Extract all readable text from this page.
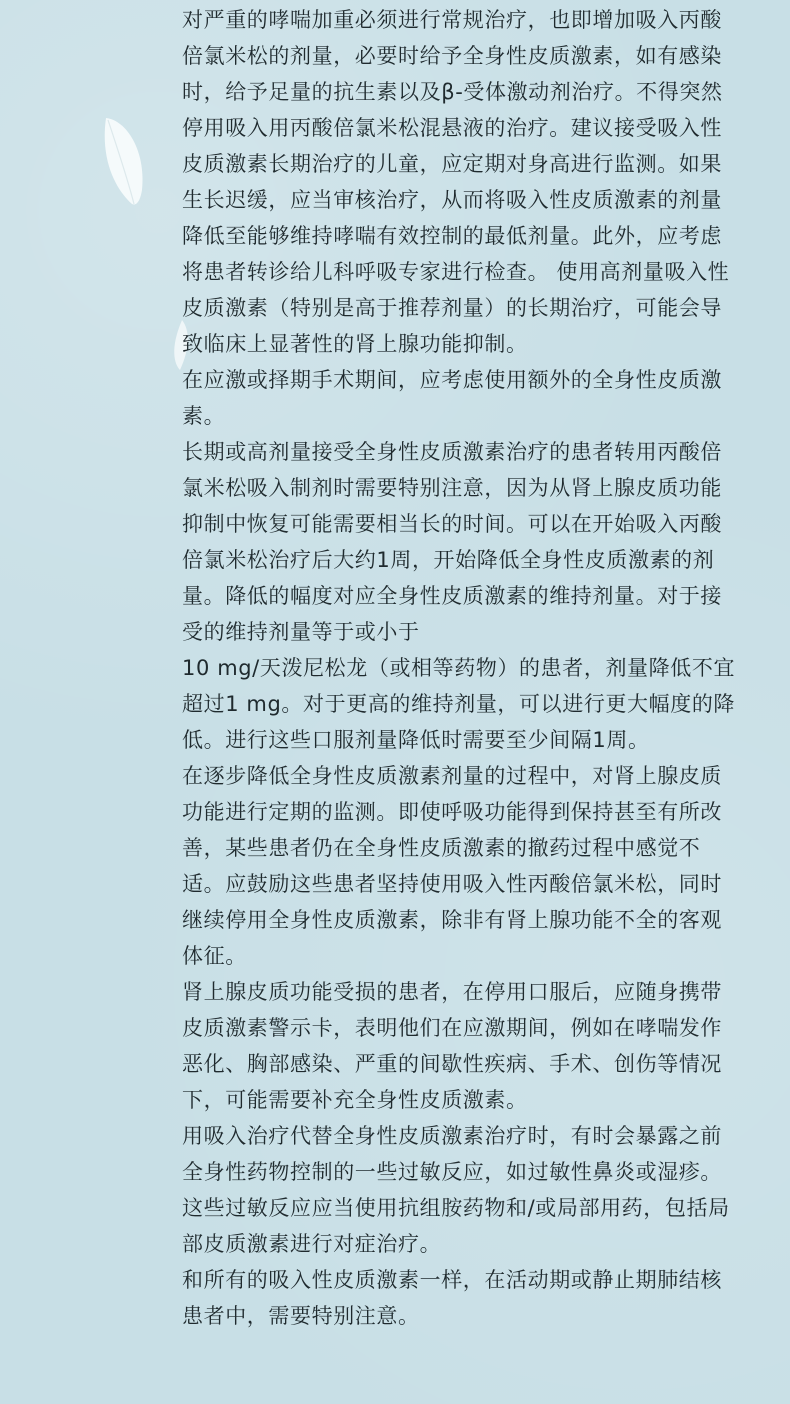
对严重的哮喘加重必须进行常规治疗，也即增加吸入丙酸倍氯米松的剂量，必要时给予全身性皮质激素，如有感染时，给予足量的抗生素以及β-受体激动剂治疗。不得突然停用吸入用丙酸倍氯米松混悬液的治疗。建议接受吸入性皮质激素长期治疗的儿童，应定期对身高进行监测。如果生长迟缓，应当审核治疗，从而将吸入性皮质激素的剂量降低至能够维持哮喘有效控制的最低剂量。此外，应考虑将患者转诊给儿科呼吸专家进行检查。 使用高剂量吸入性皮质激素（特别是高于推荐剂量）的长期治疗，可能会导致临床上显著性的肾上腺功能抑制。

在应激或择期手术期间，应考虑使用额外的全身性皮质激素。

长期或高剂量接受全身性皮质激素治疗的患者转用丙酸倍氯米松吸入制剂时需要特别注意，因为从肾上腺皮质功能抑制中恢复可能需要相当长的时间。可以在开始吸入丙酸倍氯米松治疗后大约1周，开始降低全身性皮质激素的剂量。降低的幅度对应全身性皮质激素的维持剂量。对于接受的维持剂量等于或小于
10 mg/天泼尼松龙（或相等药物）的患者，剂量降低不宜超过1 mg。对于更高的维持剂量，可以进行更大幅度的降低。进行这些口服剂量降低时需要至少间隔1周。

在逐步降低全身性皮质激素剂量的过程中，对肾上腺皮质功能进行定期的监测。即使呼吸功能得到保持甚至有所改善，某些患者仍在全身性皮质激素的撤药过程中感觉不适。应鼓励这些患者坚持使用吸入性丙酸倍氯米松，同时继续停用全身性皮质激素，除非有肾上腺功能不全的客观体征。

肾上腺皮质功能受损的患者，在停用口服后，应随身携带皮质激素警示卡，表明他们在应激期间，例如在哮喘发作恶化、胸部感染、严重的间歇性疾病、手术、创伤等情况下，可能需要补充全身性皮质激素。

用吸入治疗代替全身性皮质激素治疗时，有时会暴露之前全身性药物控制的一些过敏反应，如过敏性鼻炎或湿疹。这些过敏反应应当使用抗组胺药物和/或局部用药，包括局部皮质激素进行对症治疗。

和所有的吸入性皮质激素一样，在活动期或静止期肺结核患者中，需要特别注意。
